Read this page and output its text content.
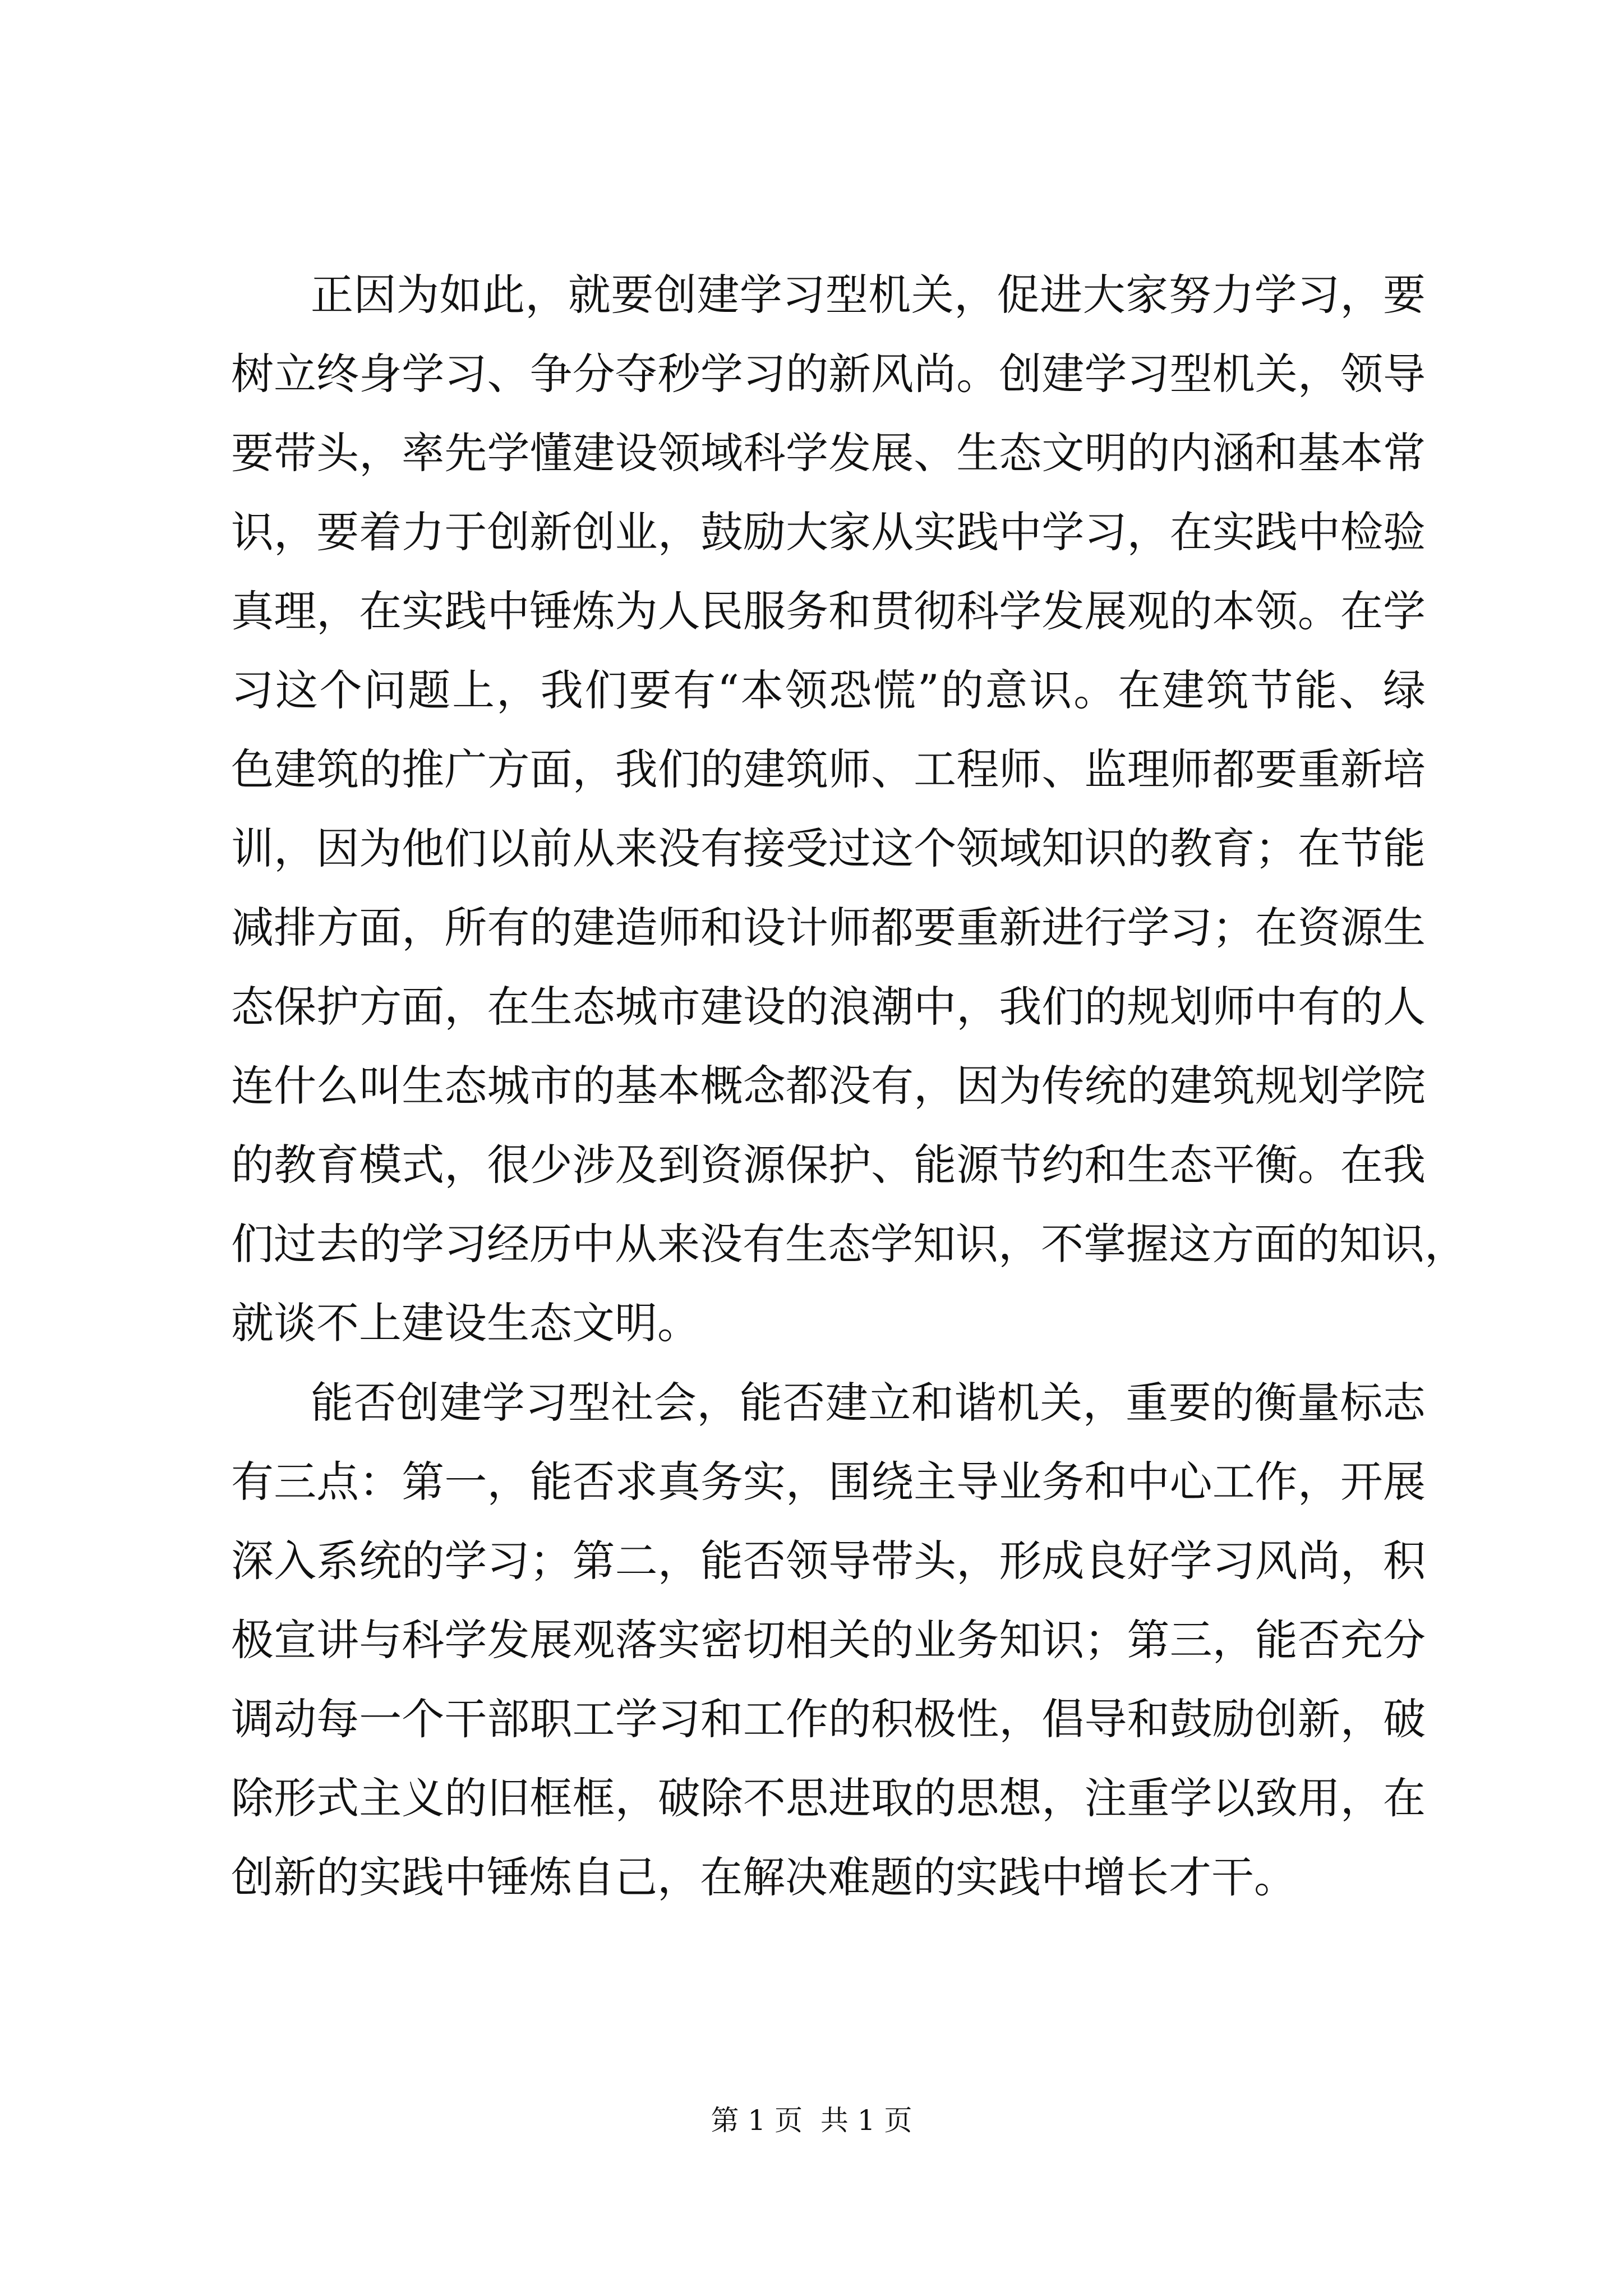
正因为如此，就要创建学习型机关，促进大家努力学习，要
树立终身学习、争分夺秒学习的新风尚。创建学习型机关，领导
要带头，率先学懂建设领域科学发展、生态文明的内涵和基本常
识，要着力于创新创业，鼓励大家从实践中学习，在实践中检验
真理，在实践中锤炼为人民服务和贯彻科学发展观的本领。在学
习这个问题上，我们要有“本领恐慌”的意识。在建筑节能、绿
色建筑的推广方面，我们的建筑师、工程师、监理师都要重新培
训，因为他们以前从来没有接受过这个领域知识的教育；在节能
减排方面，所有的建造师和设计师都要重新进行学习；在资源生
态保护方面，在生态城市建设的浪潮中，我们的规划师中有的人
连什么叫生态城市的基本概念都没有，因为传统的建筑规划学院
的教育模式，很少涉及到资源保护、能源节约和生态平衡。在我
们过去的学习经历中从来没有生态学知识，不掌握这方面的知识，
就谈不上建设生态文明。
能否创建学习型社会，能否建立和谐机关，重要的衡量标志
有三点：第一，能否求真务实，围绕主导业务和中心工作，开展
深入系统的学习；第二，能否领导带头，形成良好学习风尚，积
极宣讲与科学发展观落实密切相关的业务知识；第三，能否充分
调动每一个干部职工学习和工作的积极性，倡导和鼓励创新，破
除形式主义的旧框框，破除不思进取的思想，注重学以致用，在
创新的实践中锤炼自己，在解决难题的实践中增长才干。
第 1 页  共 1 页
